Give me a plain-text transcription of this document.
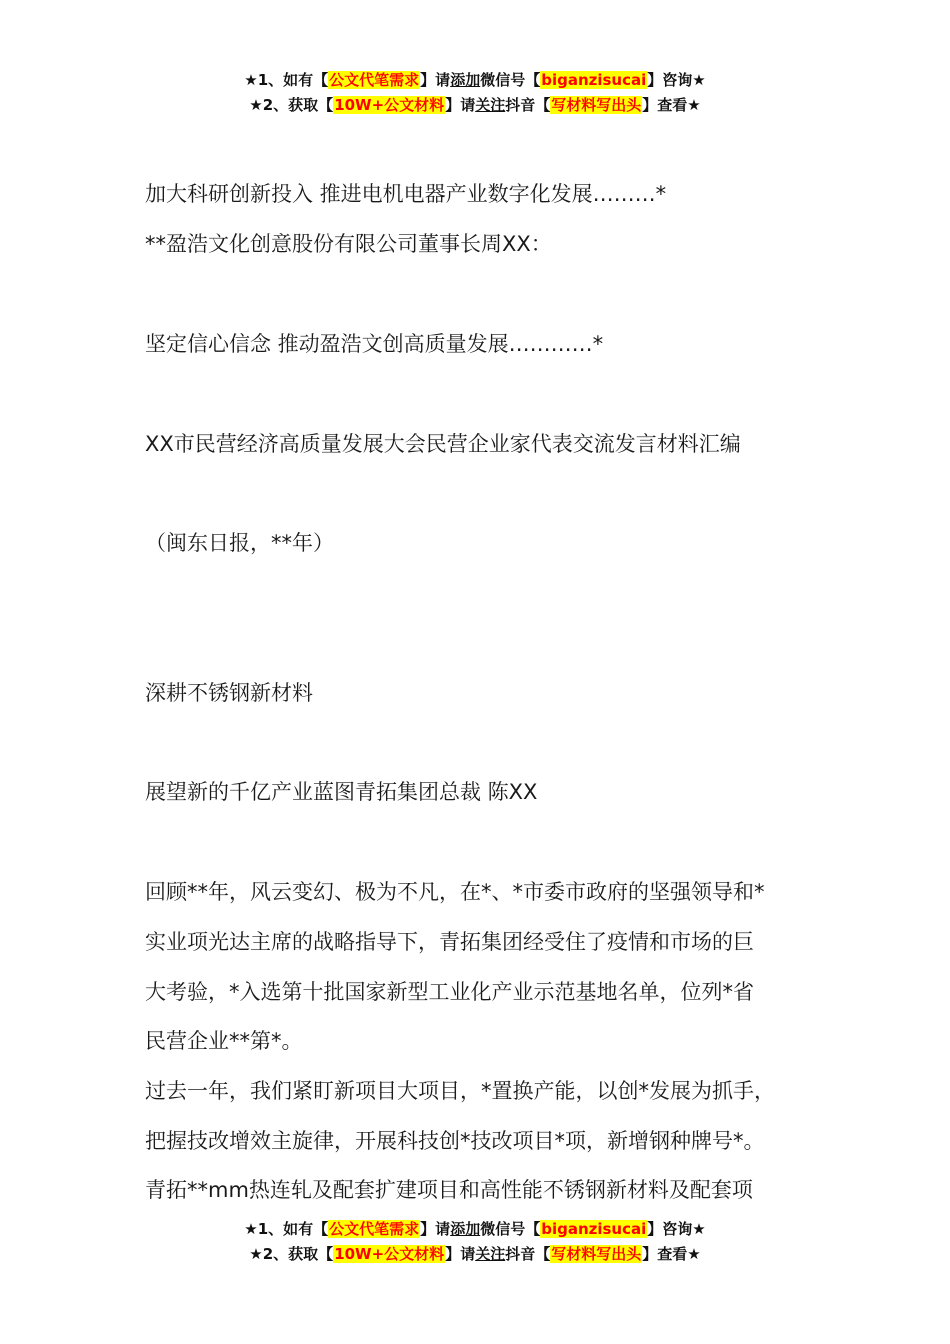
★1、如有【公文代笔需求】请添加微信号【biganzisucai】咨询★
★2、获取【10W+公文材料】请关注抖音【写材料写出头】查看★
加大科研创新投入 推进电机电器产业数字化发展………*
**盈浩文化创意股份有限公司董事长周XX：
坚定信心信念 推动盈浩文创高质量发展…………*
XX市民营经济高质量发展大会民营企业家代表交流发言材料汇编
（闽东日报，**年）
深耕不锈钢新材料
展望新的千亿产业蓝图青拓集团总裁 陈XX
回顾**年，风云变幻、极为不凡，在*、*市委市政府的坚强领导和*
实业项光达主席的战略指导下，青拓集团经受住了疫情和市场的巨
大考验，*入选第十批国家新型工业化产业示范基地名单，位列*省
民营企业**第*。
过去一年，我们紧盯新项目大项目，*置换产能，以创*发展为抓手，
把握技改增效主旋律，开展科技创*技改项目*项，新增钢种牌号*。
青拓**mm热连轧及配套扩建项目和高性能不锈钢新材料及配套项
★1、如有【公文代笔需求】请添加微信号【biganzisucai】咨询★
★2、获取【10W+公文材料】请关注抖音【写材料写出头】查看★
